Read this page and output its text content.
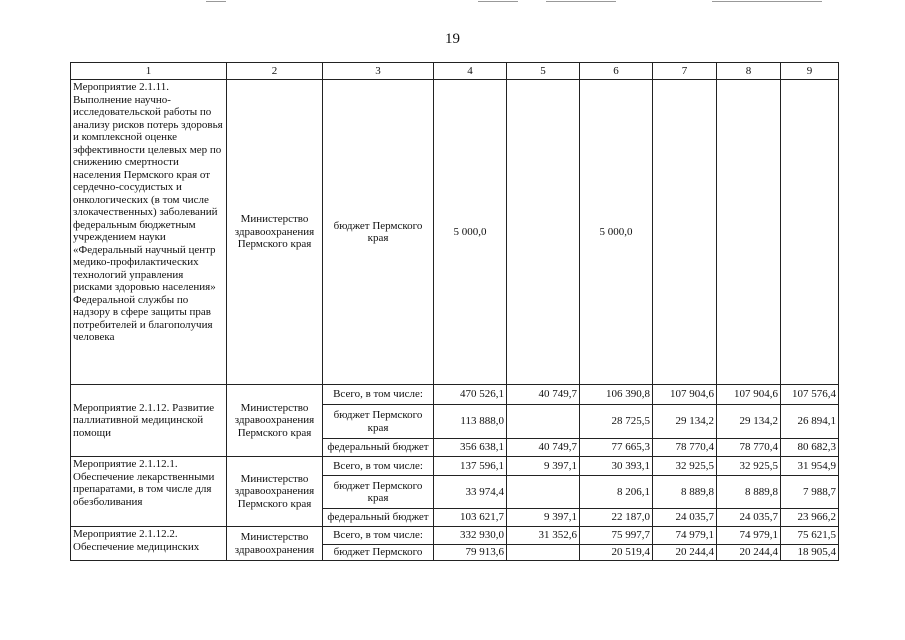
19
1	2	3	4	5	6	7	8	9
Мероприятие 2.1.11. Выполнение научно-исследовательской работы по анализу рисков потерь здоровья и комплексной оценке эффективности целевых мер по снижению смертности населения Пермского края от сердечно-сосудистых и онкологических (в том числе злокачественных) заболеваний федеральным бюджетным учреждением науки «Федеральный научный центр медико-профилактических технологий управления рисками здоровью населения» Федеральной службы по надзору в сфере защиты прав потребителей и благополучия человека	Министерство здравоохранения Пермского края	бюджет Пермского края	5 000,0		5 000,0			
Мероприятие 2.1.12. Развитие паллиативной медицинской помощи	Министерство здравоохранения Пермского края	Всего, в том числе:	470 526,1	40 749,7	106 390,8	107 904,6	107 904,6	107 576,4
		бюджет Пермского края	113 888,0		28 725,5	29 134,2	29 134,2	26 894,1
		федеральный бюджет	356 638,1	40 749,7	77 665,3	78 770,4	78 770,4	80 682,3
Мероприятие 2.1.12.1. Обеспечение лекарственными препаратами, в том числе для обезболивания	Министерство здравоохранения Пермского края	Всего, в том числе:	137 596,1	9 397,1	30 393,1	32 925,5	32 925,5	31 954,9
		бюджет Пермского края	33 974,4		8 206,1	8 889,8	8 889,8	7 988,7
		федеральный бюджет	103 621,7	9 397,1	22 187,0	24 035,7	24 035,7	23 966,2
Мероприятие 2.1.12.2. Обеспечение медицинских	Министерство здравоохранения	Всего, в том числе:	332 930,0	31 352,6	75 997,7	74 979,1	74 979,1	75 621,5
		бюджет Пермского	79 913,6		20 519,4	20 244,4	20 244,4	18 905,4
